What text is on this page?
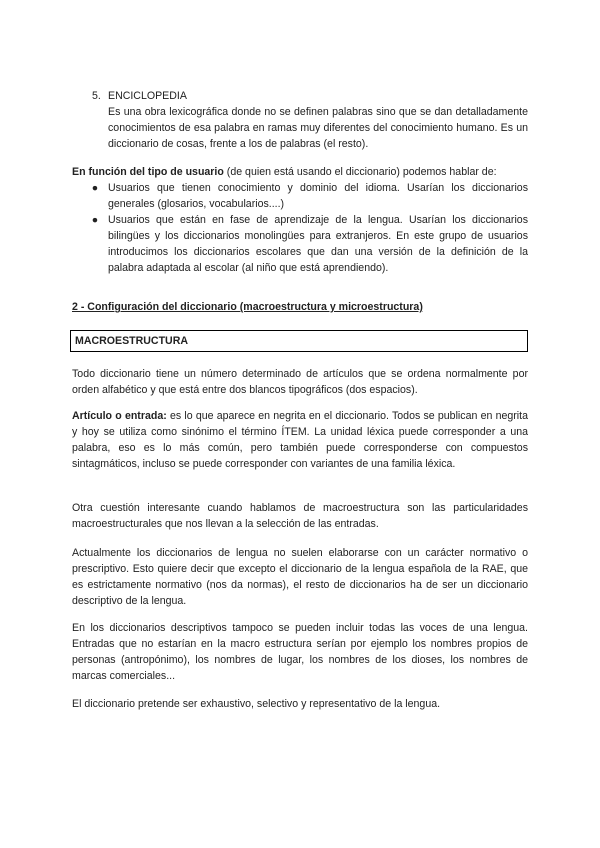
5. ENCICLOPEDIA

Es una obra lexicográfica donde no se definen palabras sino que se dan detalladamente conocimientos de esa palabra en ramas muy diferentes del conocimiento humano. Es un diccionario de cosas, frente a los de palabras (el resto).

En función del tipo de usuario (de quien está usando el diccionario) podemos hablar de:

● Usuarios que tienen conocimiento y dominio del idioma. Usarían los diccionarios generales (glosarios, vocabularios....)

● Usuarios que están en fase de aprendizaje de la lengua. Usarían los diccionarios bilingües y los diccionarios monolingües para extranjeros. En este grupo de usuarios introducimos los diccionarios escolares que dan una versión de la definición de la palabra adaptada al escolar (al niño que está aprendiendo).

2 - Configuración del diccionario (macroestructura y microestructura)

MACROESTRUCTURA

Todo diccionario tiene un número determinado de artículos que se ordena normalmente por orden alfabético y que está entre dos blancos tipográficos (dos espacios).

Artículo o entrada: es lo que aparece en negrita en el diccionario. Todos se publican en negrita y hoy se utiliza como sinónimo el término ÍTEM. La unidad léxica puede corresponder a una palabra, eso es lo más común, pero también puede corresponderse con compuestos sintagmáticos, incluso se puede corresponder con variantes de una familia léxica.

Otra cuestión interesante cuando hablamos de macroestructura son las particularidades macroestructurales que nos llevan a la selección de las entradas.

Actualmente los diccionarios de lengua no suelen elaborarse con un carácter normativo o prescriptivo. Esto quiere decir que excepto el diccionario de la lengua española de la RAE, que es estrictamente normativo (nos da normas), el resto de diccionarios ha de ser un diccionario descriptivo de la lengua.

En los diccionarios descriptivos tampoco se pueden incluir todas las voces de una lengua. Entradas que no estarían en la macro estructura serían por ejemplo los nombres propios de personas (antropónimo), los nombres de lugar, los nombres de los dioses, los nombres de marcas comerciales...

El diccionario pretende ser exhaustivo, selectivo y representativo de la lengua.
